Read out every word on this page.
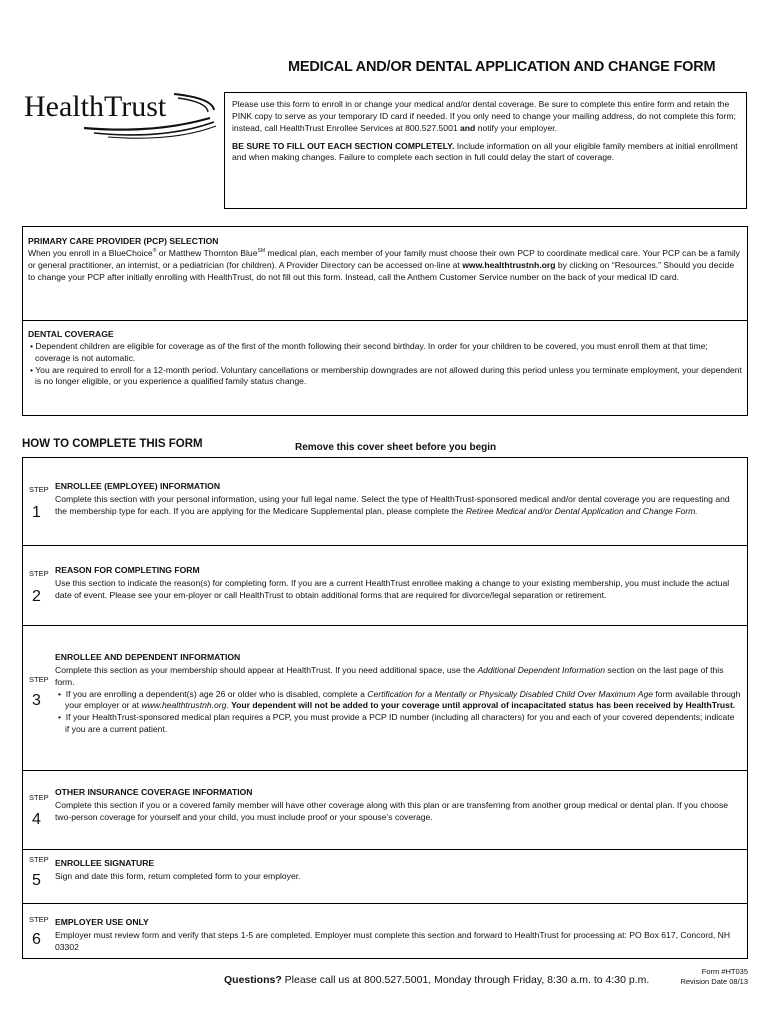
MEDICAL AND/OR DENTAL APPLICATION AND CHANGE FORM
HealthTrust	Please use this form to enroll in or change your medical and/or dental coverage. Be sure to complete this entire form and retain the PINK copy to serve as your temporary ID card if needed. If you only need to change your mailing address, do not complete this form; instead, call HealthTrust Enrollee Services at 800.527.5001 and notify your employer.

BE SURE TO FILL OUT EACH SECTION COMPLETELY. Include information on all your eligible family members at initial enrollment and when making changes. Failure to complete each section in full could delay the start of coverage.

PRIMARY CARE PROVIDER (PCP) SELECTION
When you enroll in a BlueChoice® or Matthew Thornton Blue℠ medical plan, each member of your family must choose their own PCP to coordinate medical care. Your PCP can be a family or general practitioner, an internist, or a pediatrician (for children). A Provider Directory can be accessed on-line at www.healthtrustnh.org by clicking on “Resources.” Should you decide to change your PCP after initially enrolling with HealthTrust, do not fill out this form. Instead, call the Anthem Customer Service number on the back of your medical ID card.
DENTAL COVERAGE
• Dependent children are eligible for coverage as of the first of the month following their second birthday. In order for your children to be covered, you must enroll them at that time; coverage is not automatic.
• You are required to enroll for a 12-month period. Voluntary cancellations or membership downgrades are not allowed during this period unless you terminate employment, your dependent is no longer eligible, or you experience a qualified family status change.
HOW TO COMPLETE THIS FORM	Remove this cover sheet before you begin
STEP
1
ENROLLEE (EMPLOYEE) INFORMATION
Complete this section with your personal information, using your full legal name. Select the type of HealthTrust-sponsored medical and/or dental coverage you are requesting and the membership type for each. If you are applying for the Medicare Supplemental plan, please complete the Retiree Medical and/or Dental Application and Change Form.
STEP
2
REASON FOR COMPLETING FORM
Use this section to indicate the reason(s) for completing form. If you are a current HealthTrust enrollee making a change to your existing membership, you must include the actual date of event. Please see your em-ployer or call HealthTrust to obtain additional forms that are required for divorce/legal separation or retirement.
STEP
3
ENROLLEE AND DEPENDENT INFORMATION
Complete this section as your membership should appear at HealthTrust. If you need additional space, use the Additional Dependent Information section on the last page of this form.
•  If you are enrolling a dependent(s) age 26 or older who is disabled, complete a Certification for a Mentally or Physically Disabled Child Over Maximum Age form available through your employer or at www.healthtrustnh.org. Your dependent will not be added to your coverage until approval of incapacitated status has been received by HealthTrust.
•  If your HealthTrust-sponsored medical plan requires a PCP, you must provide a PCP ID number (including all characters) for you and each of your covered dependents; indicate if you are a current patient.
STEP
4
OTHER INSURANCE COVERAGE INFORMATION
Complete this section if you or a covered family member will have other coverage along with this plan or are transferring from another group medical or dental plan. If you choose two-person coverage for yourself and your child, you must include proof or your spouse’s coverage.
STEP
5
ENROLLEE SIGNATURE
Sign and date this form, return completed form to your employer.
STEP
6
EMPLOYER USE ONLY
Employer must review form and verify that steps 1-5 are completed. Employer must complete this section and forward to HealthTrust for processing at: PO Box 617, Concord, NH 03302
Questions? Please call us at 800.527.5001, Monday through Friday, 8:30 a.m. to 4:30 p.m.
Form #HT035
Revision Date 08/13
